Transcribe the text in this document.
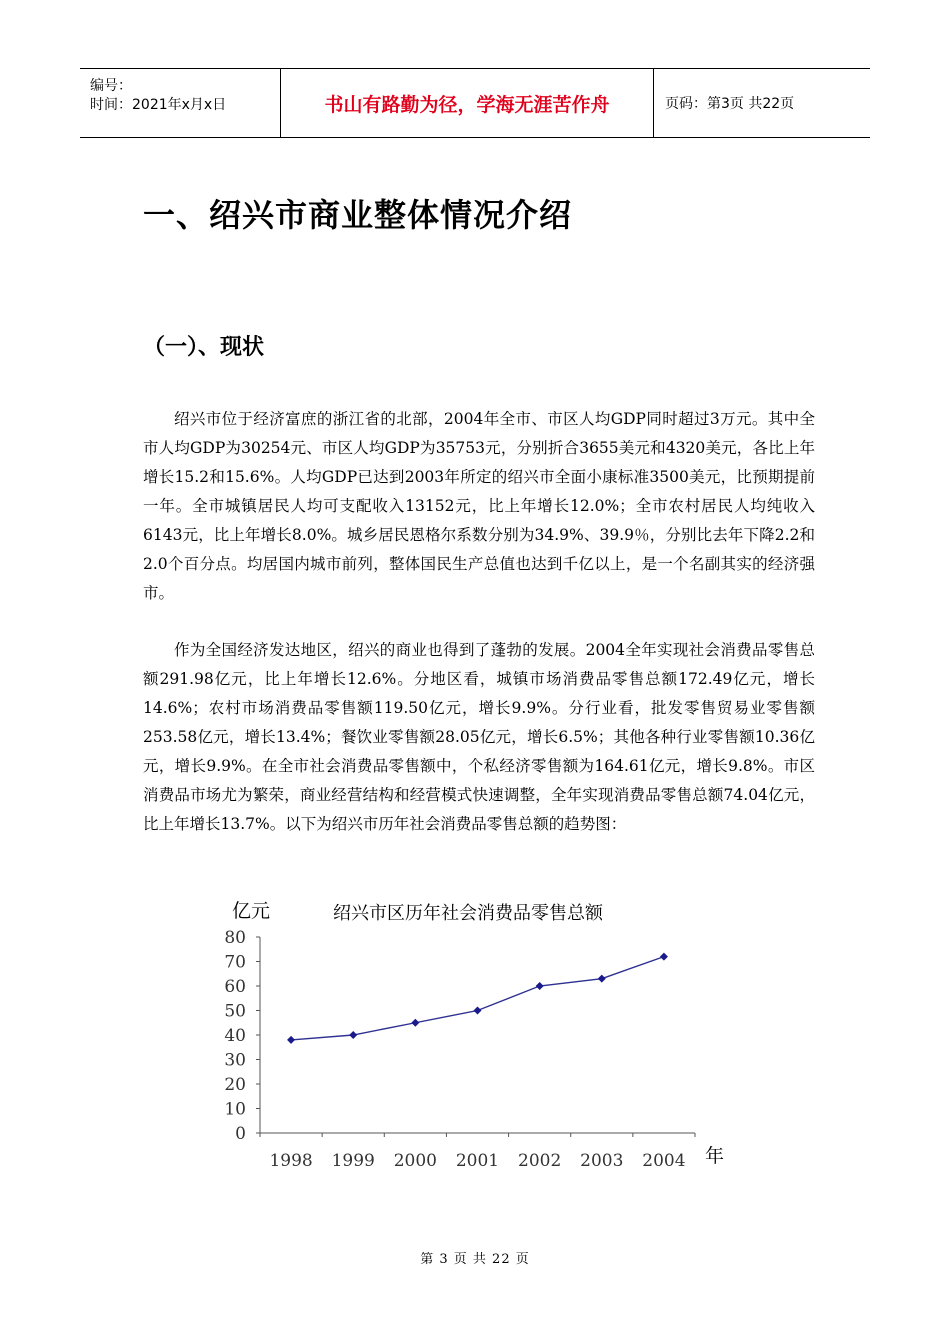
编号：
时间：2021年x月x日	书山有路勤为径，学海无涯苦作舟	页码：第3页 共22页
一、绍兴市商业整体情况介绍
（一）、现状

绍兴市位于经济富庶的浙江省的北部，2004年全市、市区人均GDP同时超过3万元。其中全市人均GDP为30254元、市区人均GDP为35753元，分别折合3655美元和4320美元，各比上年增长15.2和15.6%。人均GDP已达到2003年所定的绍兴市全面小康标准3500美元，比预期提前一年。全市城镇居民人均可支配收入13152元，比上年增长12.0%；全市农村居民人均纯收入6143元，比上年增长8.0%。城乡居民恩格尔系数分别为34.9%、39.9％，分别比去年下降2.2和2.0个百分点。均居国内城市前列，整体国民生产总值也达到千亿以上，是一个名副其实的经济强市。

作为全国经济发达地区，绍兴的商业也得到了蓬勃的发展。2004全年实现社会消费品零售总额291.98亿元，比上年增长12.6%。分地区看，城镇市场消费品零售总额172.49亿元，增长14.6%；农村市场消费品零售额119.50亿元，增长9.9%。分行业看，批发零售贸易业零售额253.58亿元，增长13.4%；餐饮业零售额28.05亿元，增长6.5%；其他各种行业零售额10.36亿元，增长9.9%。在全市社会消费品零售额中，个私经济零售额为164.61亿元，增长9.8%。市区消费品市场尤为繁荣，商业经营结构和经营模式快速调整，全年实现消费品零售总额74.04亿元，比上年增长13.7%。以下为绍兴市历年社会消费品零售总额的趋势图：

亿元	绍兴市区历年社会消费品零售总额
年
0
10
20
30
40
50
60
70
80
1998 1999 2000 2001 2002 2003 2004
第 3 页 共 22 页
